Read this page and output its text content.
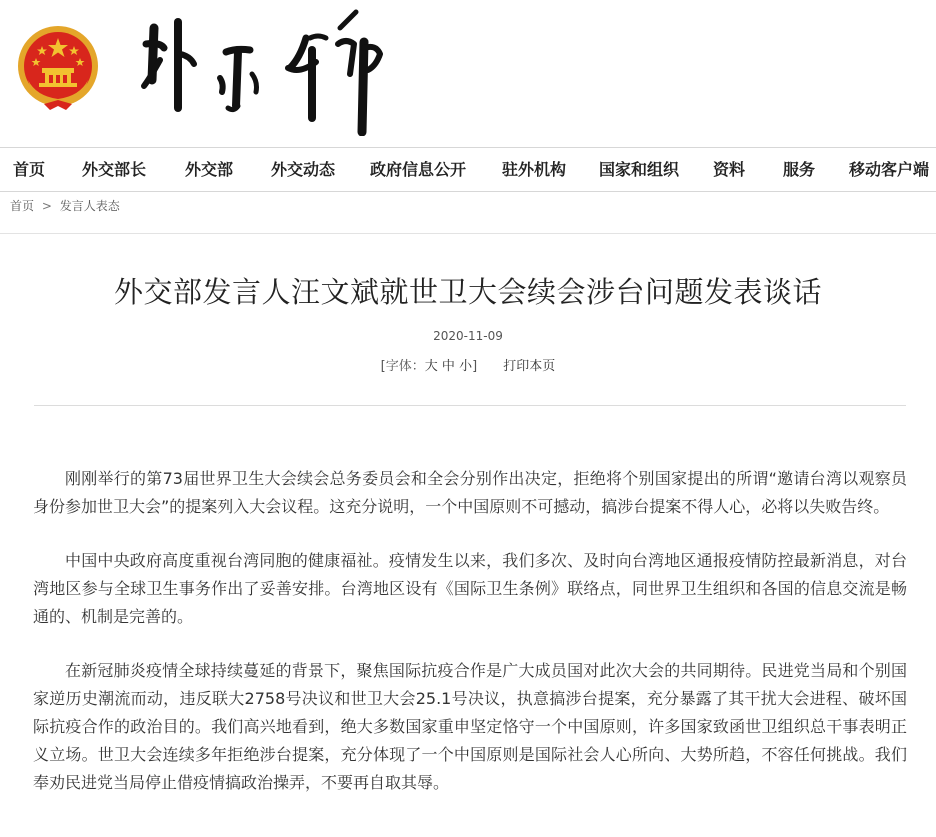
首页 外交部长 外交部 外交动态 政府信息公开 驻外机构 国家和组织 资料 服务 移动客户端
首页 > 发言人表态
外交部发言人汪文斌就世卫大会续会涉台问题发表谈话
2020-11-09
[字体：大 中 小] 打印本页

刚刚举行的第73届世界卫生大会续会总务委员会和全会分别作出决定，拒绝将个别国家提出的所谓“邀请台湾以观察员身份参加世卫大会”的提案列入大会议程。这充分说明，一个中国原则不可撼动，搞涉台提案不得人心，必将以失败告终。

中国中央政府高度重视台湾同胞的健康福祉。疫情发生以来，我们多次、及时向台湾地区通报疫情防控最新消息，对台湾地区参与全球卫生事务作出了妥善安排。台湾地区设有《国际卫生条例》联络点，同世界卫生组织和各国的信息交流是畅通的、机制是完善的。

在新冠肺炎疫情全球持续蔓延的背景下，聚焦国际抗疫合作是广大成员国对此次大会的共同期待。民进党当局和个别国家逆历史潮流而动，违反联大2758号决议和世卫大会25.1号决议，执意搞涉台提案，充分暴露了其干扰大会进程、破坏国际抗疫合作的政治目的。我们高兴地看到，绝大多数国家重申坚定恪守一个中国原则，许多国家致函世卫组织总干事表明正义立场。世卫大会连续多年拒绝涉台提案，充分体现了一个中国原则是国际社会人心所向、大势所趋，不容任何挑战。我们奉劝民进党当局停止借疫情搞政治操弄，不要再自取其辱。
